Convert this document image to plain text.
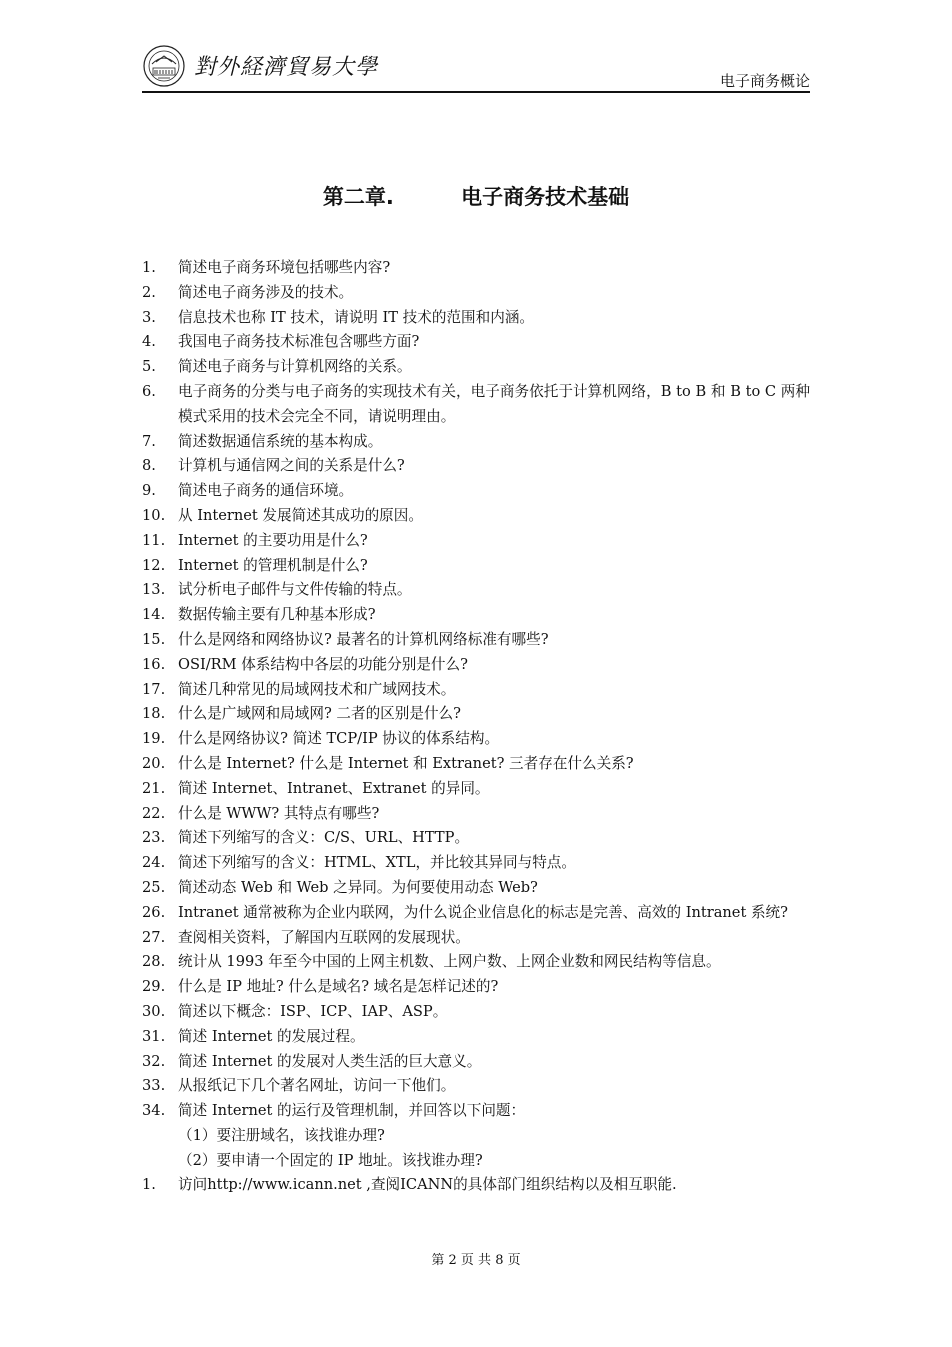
對外経濟貿易大學
电子商务概论
第二章.	电子商务技术基础
1. 简述电子商务环境包括哪些内容?
2. 简述电子商务涉及的技术。
3. 信息技术也称 IT 技术，请说明 IT 技术的范围和内涵。
4. 我国电子商务技术标准包含哪些方面?
5. 简述电子商务与计算机网络的关系。
6. 电子商务的分类与电子商务的实现技术有关，电子商务依托于计算机网络，B to B 和 B to C 两种模式采用的技术会完全不同，请说明理由。
7. 简述数据通信系统的基本构成。
8. 计算机与通信网之间的关系是什么?
9. 简述电子商务的通信环境。
10. 从 Internet 发展简述其成功的原因。
11. Internet 的主要功用是什么?
12. Internet 的管理机制是什么?
13. 试分析电子邮件与文件传输的特点。
14. 数据传输主要有几种基本形成?
15. 什么是网络和网络协议? 最著名的计算机网络标准有哪些?
16. OSI/RM 体系结构中各层的功能分别是什么?
17. 简述几种常见的局域网技术和广域网技术。
18. 什么是广域网和局域网? 二者的区别是什么?
19. 什么是网络协议? 简述 TCP/IP 协议的体系结构。
20. 什么是 Internet? 什么是 Internet 和 Extranet? 三者存在什么关系?
21. 简述 Internet、Intranet、Extranet 的异同。
22. 什么是 WWW? 其特点有哪些?
23. 简述下列缩写的含义：C/S、URL、HTTP。
24. 简述下列缩写的含义：HTML、XTL，并比较其异同与特点。
25. 简述动态 Web 和 Web 之异同。为何要使用动态 Web?
26. Intranet 通常被称为企业内联网，为什么说企业信息化的标志是完善、高效的 Intranet 系统?
27. 查阅相关资料，了解国内互联网的发展现状。
28. 统计从 1993 年至今中国的上网主机数、上网户数、上网企业数和网民结构等信息。
29. 什么是 IP 地址? 什么是域名? 域名是怎样记述的?
30. 简述以下概念：ISP、ICP、IAP、ASP。
31. 简述 Internet 的发展过程。
32. 简述 Internet 的发展对人类生活的巨大意义。
33. 从报纸记下几个著名网址，访问一下他们。
34. 简述 Internet 的运行及管理机制，并回答以下问题：
（1）要注册域名，该找谁办理?
（2）要申请一个固定的 IP 地址。该找谁办理?
1. 访问http://www.icann.net ,查阅ICANN的具体部门组织结构以及相互职能.
第 2 页 共 8 页
